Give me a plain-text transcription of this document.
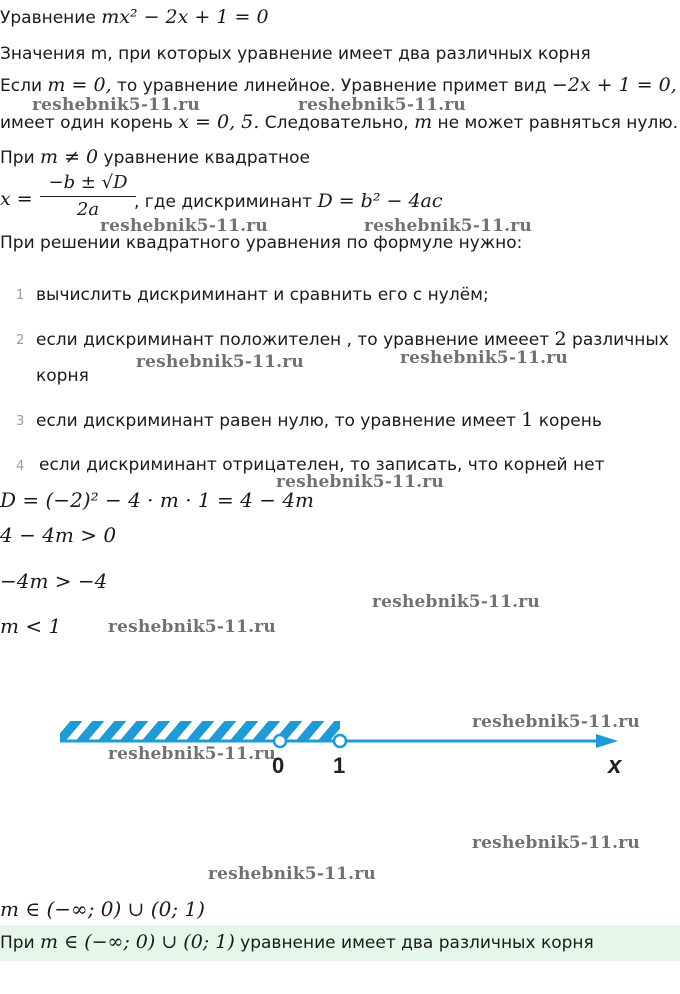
Уравнение mx² − 2x + 1 = 0
Значения m, при которых уравнение имеет два различных корня
Если m = 0, то уравнение линейное. Уравнение примет вид −2x + 1 = 0,
имеет один корень x = 0, 5. Следовательно, m не может равняться нулю.
При m ≠ 0 уравнение квадратное
x =
−b ± √D
2a	, где дискриминант D = b² − 4ac
При решении квадратного уравнения по формуле нужно:
1 вычислить дискриминант и сравнить его с нулём;
2 если дискриминант положителен , то уравнение имееет 2 различных
корня
3 если дискриминант равен нулю, то уравнение имеет 1 корень
4 если дискриминант отрицателен, то записать, что корней нет
D = (−2)² − 4 · m · 1 = 4 − 4m
4 − 4m > 0
−4m > −4
m < 1
0 1	x
m ∈ (−∞; 0) ∪ (0; 1)
При m ∈ (−∞; 0) ∪ (0; 1) уравнение имеет два различных корня
reshebnik5-11.ru	reshebnik5-11.ru
reshebnik5-11.ru	reshebnik5-11.ru
reshebnik5-11.ru	reshebnik5-11.ru
reshebnik5-11.ru
reshebnik5-11.ru
reshebnik5-11.ru
reshebnik5-11.ru
reshebnik5-11.ru
reshebnik5-11.ru
reshebnik5-11.ru
